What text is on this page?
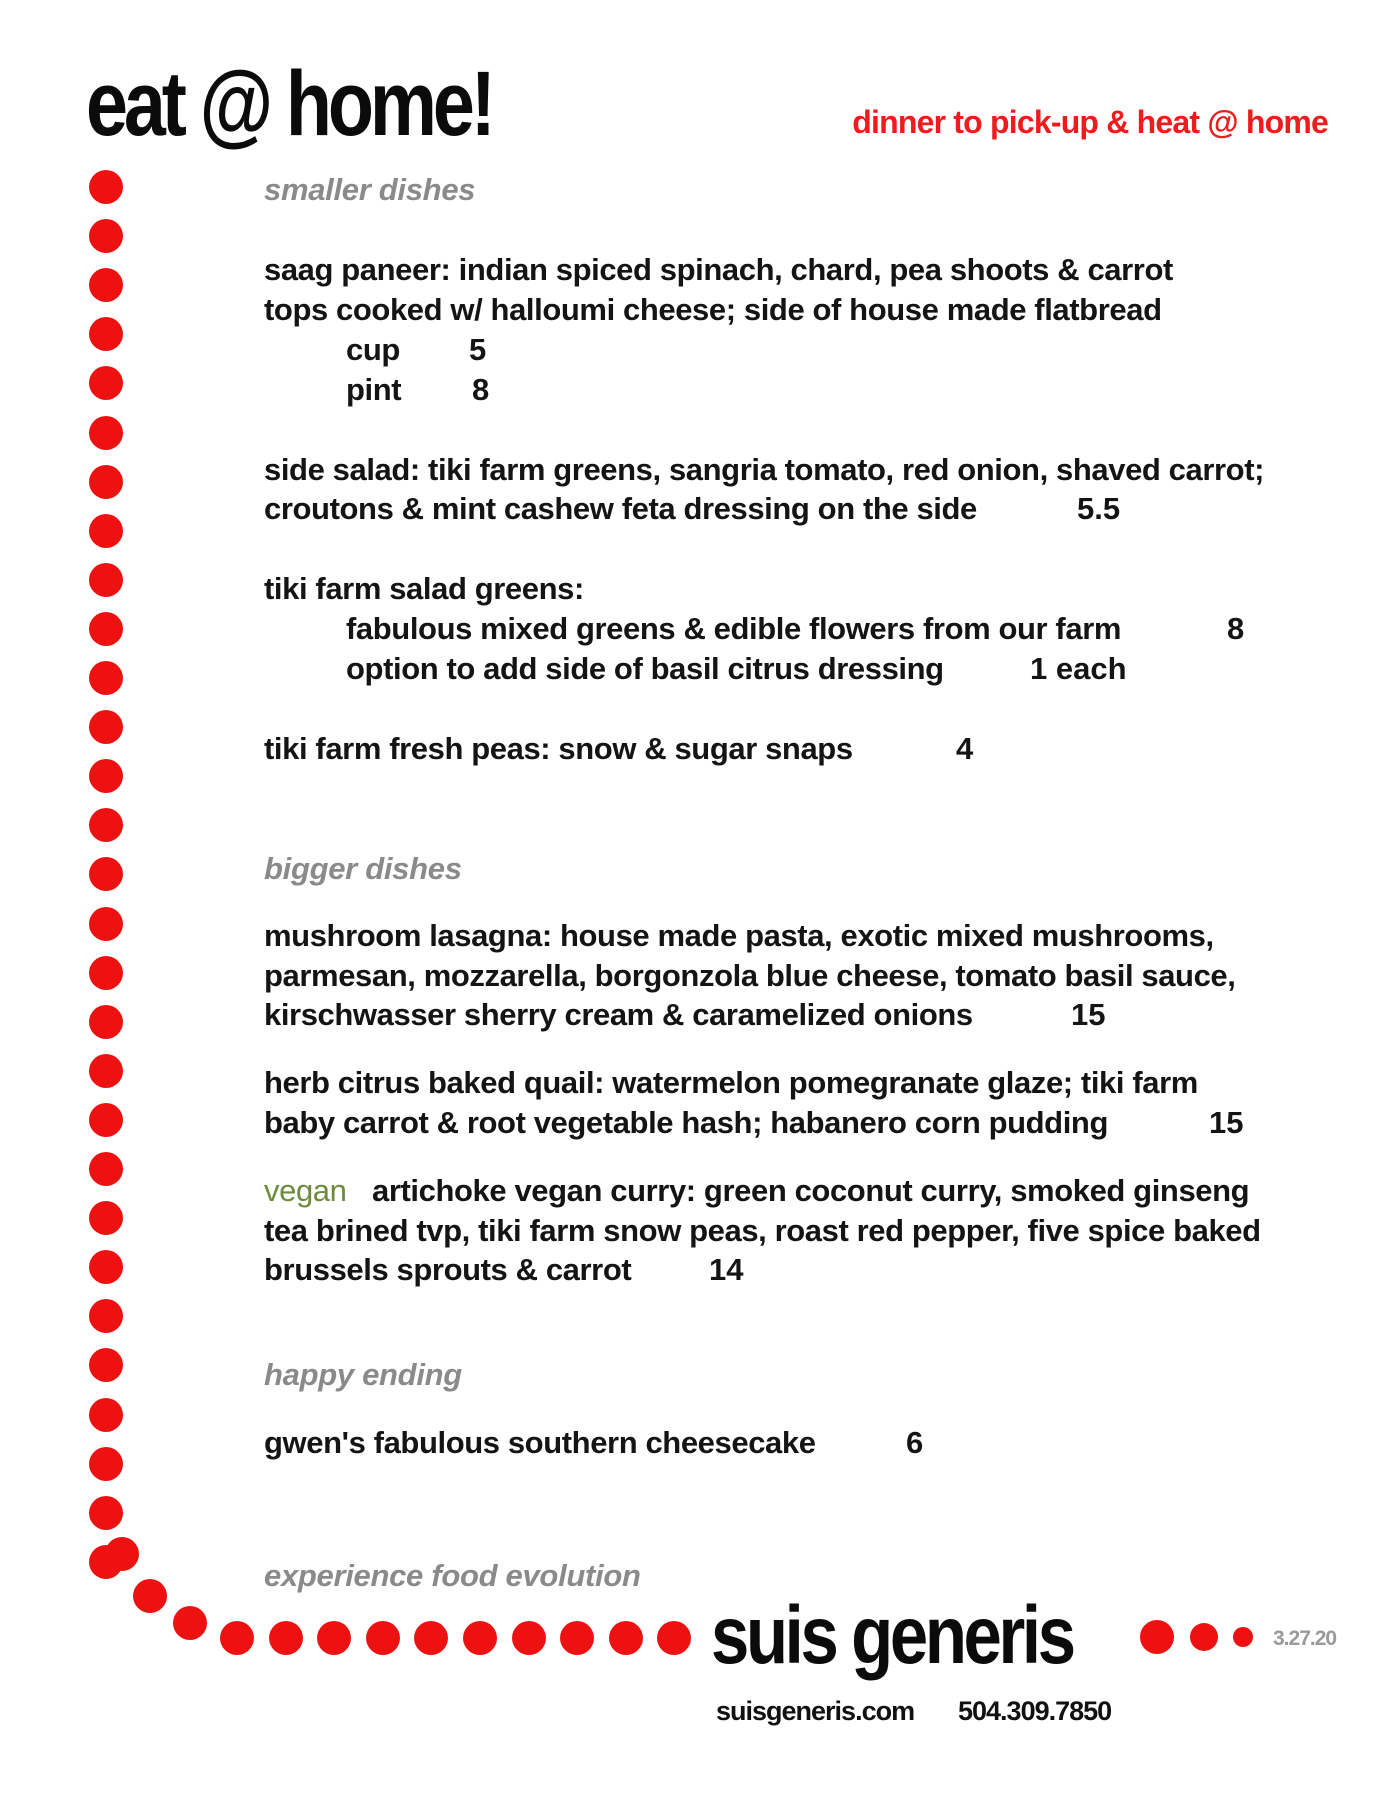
eat @ home!	dinner to pick-up & heat @ home
smaller dishes
saag paneer: indian spiced spinach, chard, pea shoots & carrot
tops cooked w/ halloumi cheese; side of house made flatbread
cup 5
pint 8
side salad: tiki farm greens, sangria tomato, red onion, shaved carrot;
croutons & mint cashew feta dressing on the side	5.5
tiki farm salad greens:
fabulous mixed greens & edible flowers from our farm	8
option to add side of basil citrus dressing	1 each
tiki farm fresh peas: snow & sugar snaps	4
bigger dishes
mushroom lasagna: house made pasta, exotic mixed mushrooms,
parmesan, mozzarella, borgonzola blue cheese, tomato basil sauce,
kirschwasser sherry cream & caramelized onions	15
herb citrus baked quail: watermelon pomegranate glaze; tiki farm
baby carrot & root vegetable hash; habanero corn pudding	15
vegan artichoke vegan curry: green coconut curry, smoked ginseng
tea brined tvp, tiki farm snow peas, roast red pepper, five spice baked
brussels sprouts & carrot	14
happy ending
gwen's fabulous southern cheesecake	6
experience food evolution
suis generis
suisgeneris.com 504.309.7850
3.27.20
